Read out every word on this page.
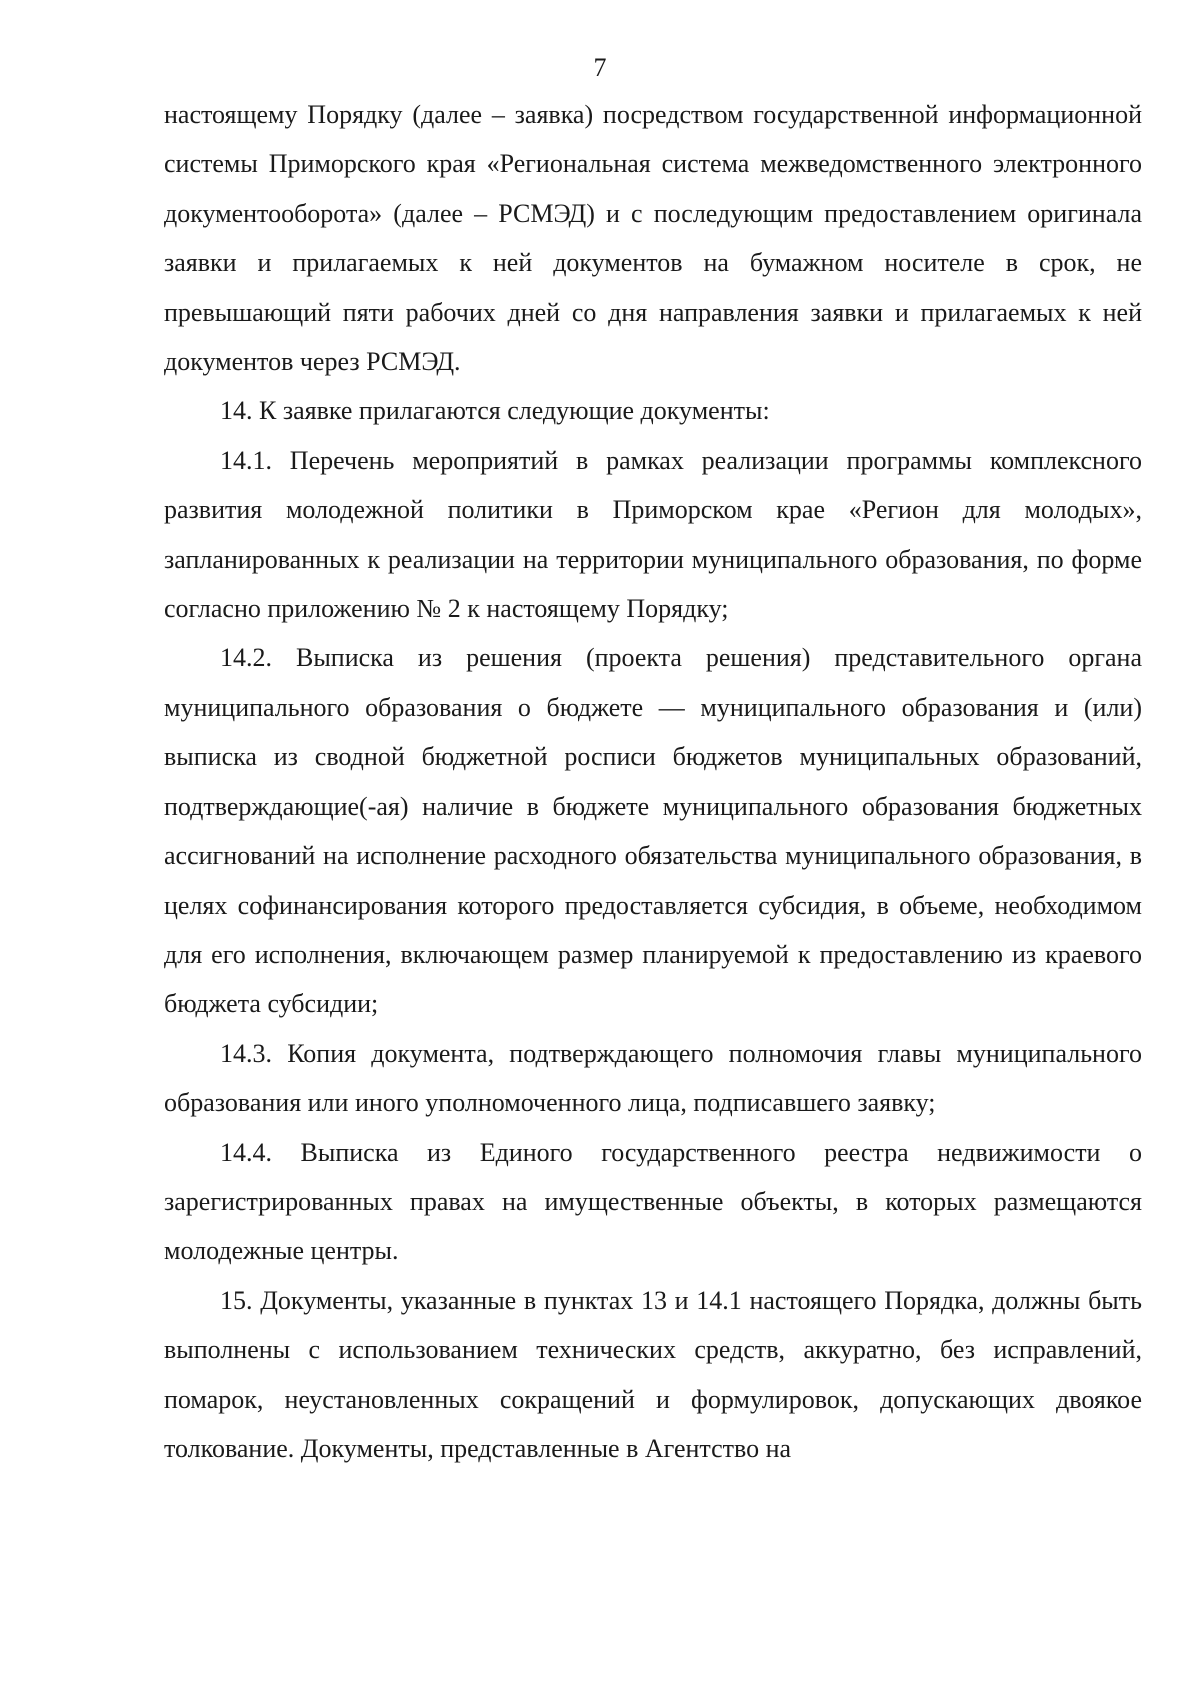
7

настоящему Порядку (далее – заявка) посредством государственной информационной системы Приморского края «Региональная система межведомственного электронного документооборота» (далее – РСМЭД) и с последующим предоставлением оригинала заявки и прилагаемых к ней документов на бумажном носителе в срок, не превышающий пяти рабочих дней со дня направления заявки и прилагаемых к ней документов через РСМЭД.

14. К заявке прилагаются следующие документы:

14.1. Перечень мероприятий в рамках реализации программы комплексного развития молодежной политики в Приморском крае «Регион для молодых», запланированных к реализации на территории муниципального образования, по форме согласно приложению № 2 к настоящему Порядку;

14.2. Выписка из решения (проекта решения) представительного органа муниципального образования о бюджете — муниципального образования и (или) выписка из сводной бюджетной росписи бюджетов муниципальных образований, подтверждающие(-ая) наличие в бюджете муниципального образования бюджетных ассигнований на исполнение расходного обязательства муниципального образования, в целях софинансирования которого предоставляется субсидия, в объеме, необходимом для его исполнения, включающем размер планируемой к предоставлению из краевого бюджета субсидии;

14.3. Копия документа, подтверждающего полномочия главы муниципального образования или иного уполномоченного лица, подписавшего заявку;

14.4. Выписка из Единого государственного реестра недвижимости о зарегистрированных правах на имущественные объекты, в которых размещаются молодежные центры.

15. Документы, указанные в пунктах 13 и 14.1 настоящего Порядка, должны быть выполнены с использованием технических средств, аккуратно, без исправлений, помарок, неустановленных сокращений и формулировок, допускающих двоякое толкование. Документы, представленные в Агентство на
